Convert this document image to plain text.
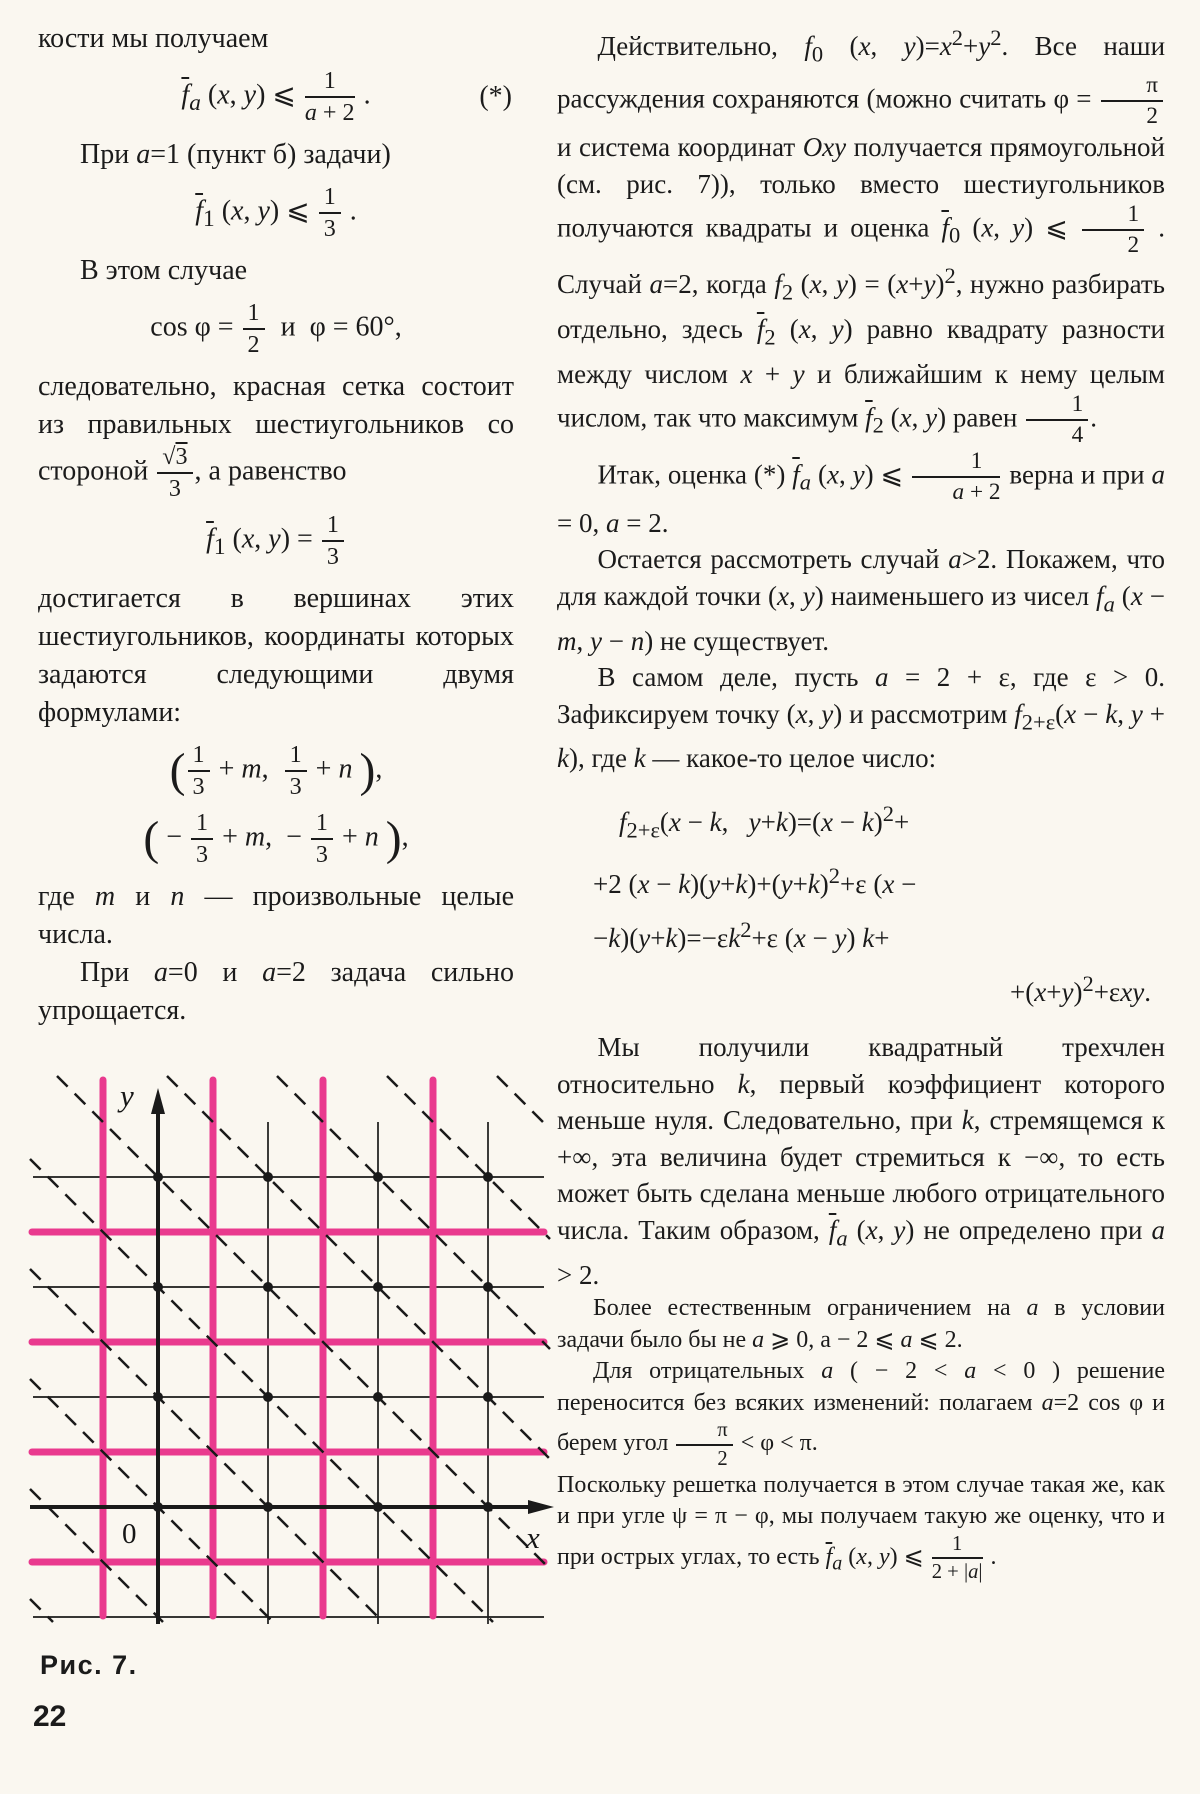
кости мы получаем

$\overline{f}_a$ (x, y) ⩽ $\frac{1}{a + 2}$ .	(*)

При a=1 (пункт б) задачи)

$\overline{f}_1$ (x, y) ⩽ $\frac{1}{3}$ .

В этом случае

$\cos \varphi = \frac{1}{2}$ и  φ = 60°,

следовательно, красная сетка состоит из правильных шестиугольников со стороной $\frac{√3}{3}$ , а равенство

$\overline{f}_1$ (x, $y) = \frac{1}{3}$

достигается в вершинах этих шестиугольников, координаты которых задаются следующими двумя формулами:

( $\frac{1}{3} + m$, $\frac{1}{3} + n$ ),
( − $\frac{1}{3} + m$,  − $\frac{1}{3} + n$ ),

где m и n — произвольные целые числа.

При a=0 и a=2 задача сильно упрощается.

Действительно, $f_0$ (x, $y)=x^2+y^2$. Все наши рассуждения сохраняются (можно считать $\varphi = \frac{\pi}{2}$
и система координат Oxy получается прямоугольной (см. рис. 7)), только вместо шестиугольников получаются квадраты и оценка $\overline{f}_0$ (x, y) ⩽ $\frac{1}{2}$ . Случай a=2, когда $f_2$ (x, $y) = (x+y)^2$, нужно разбирать отдельно, здесь $\overline{f}_2$ (x, y) равно квадрату разности между числом x + y и ближайшим к нему целым числом, так что максимум $\overline{f}_2$ (x, y) равен $\frac{1}{4}$ .

Итак, оценка (*) $\overline{f}_a$ (x, y) ⩽ $\frac{1}{a + 2}$ верна и при a = 0, a = 2.

Остается рассмотреть случай a>2. Покажем, что для каждой точки (x, y) наименьшего из чисел $f_a$ (x − m, y − n) не существует.

В самом деле, пусть a = 2 + ε, где ε > 0. Зафиксируем точку (x, y) и рассмотрим $f_{2+\varepsilon}(x - k$, y + k), где k — какое-то целое число:

$f_{2+\varepsilon}(x - k$,   $y+k)=(x - k)^2+$
+2 $(x - k)(y+k)+(y+k)^2+\varepsilon$ (x −
$-k)(y+k)=-\varepsilon k^2+\varepsilon$ (x − y) k+
$+(x+y)^2+\varepsilon xy$.

Мы получили квадратный трехчлен относительно k, первый коэффициент которого меньше нуля. Следовательно, при k, стремящемся к +∞, эта величина будет стремиться к −∞, то есть может быть сделана меньше любого отрицательного числа. Таким образом, $\overline{f}_a$ (x, y) не определено при a > 2.

Более естественным ограничением на a в условии задачи было бы не a ⩾ 0, а − 2 ⩽ a ⩽ 2.

Для отрицательных a ( − 2 < a < 0 ) решение переносится без всяких изменений: полагаем a=2 cos φ и берем угол $\frac{\pi}{2} < \varphi < \pi$.

Поскольку решетка получается в этом случае такая же, как и при угле ψ = π − φ, мы получаем такую же оценку, что и при острых углах, то есть $\overline{f}_a$ (x, y) ⩽ $\frac{1}{2 + |a|}$ .

y
x
0
Рис. 7.
22
